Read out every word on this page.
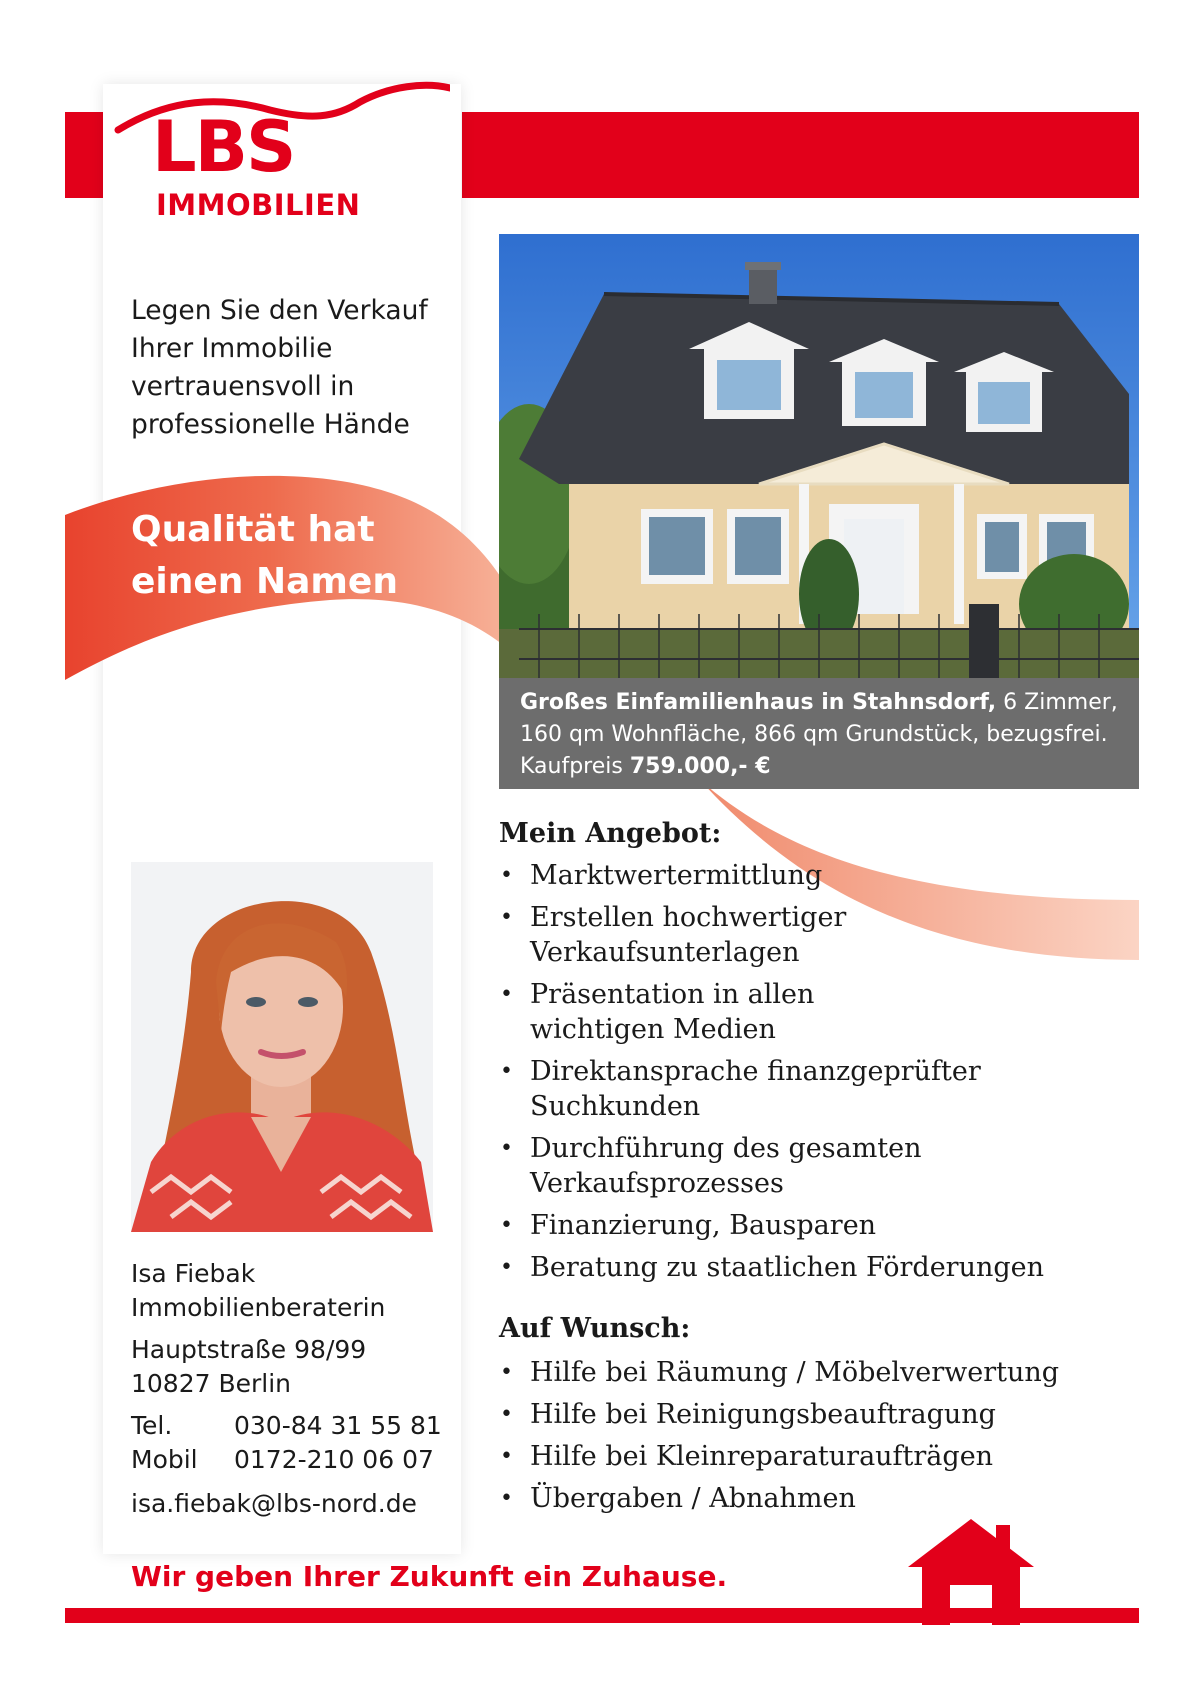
LBS
IMMOBILIEN
Legen Sie den Verkauf
Ihrer Immobilie
vertrauensvoll in
professionelle Hände
Qualität hat
einen Namen
Großes Einfamilienhaus in Stahnsdorf, 6 Zimmer,
160 qm Wohnfläche, 866 qm Grundstück, bezugsfrei.
Kaufpreis 759.000,- €
Isa Fiebak
Immobilienberaterin
Hauptstraße 98/99
10827 Berlin
Tel. 030-84 31 55 81
Mobil 0172-210 06 07
isa.fiebak@lbs-nord.de
Mein Angebot:
• Marktwertermittlung
• Erstellen hochwertiger
Verkaufsunterlagen
• Präsentation in allen
wichtigen Medien
• Direktansprache finanzgeprüfter
Suchkunden
• Durchführung des gesamten
Verkaufsprozesses
• Finanzierung, Bausparen
• Beratung zu staatlichen Förderungen
Auf Wunsch:
• Hilfe bei Räumung / Möbelverwertung
• Hilfe bei Reinigungsbeauftragung
• Hilfe bei Kleinreparaturaufträgen
• Übergaben / Abnahmen
Wir geben Ihrer Zukunft ein Zuhause.
